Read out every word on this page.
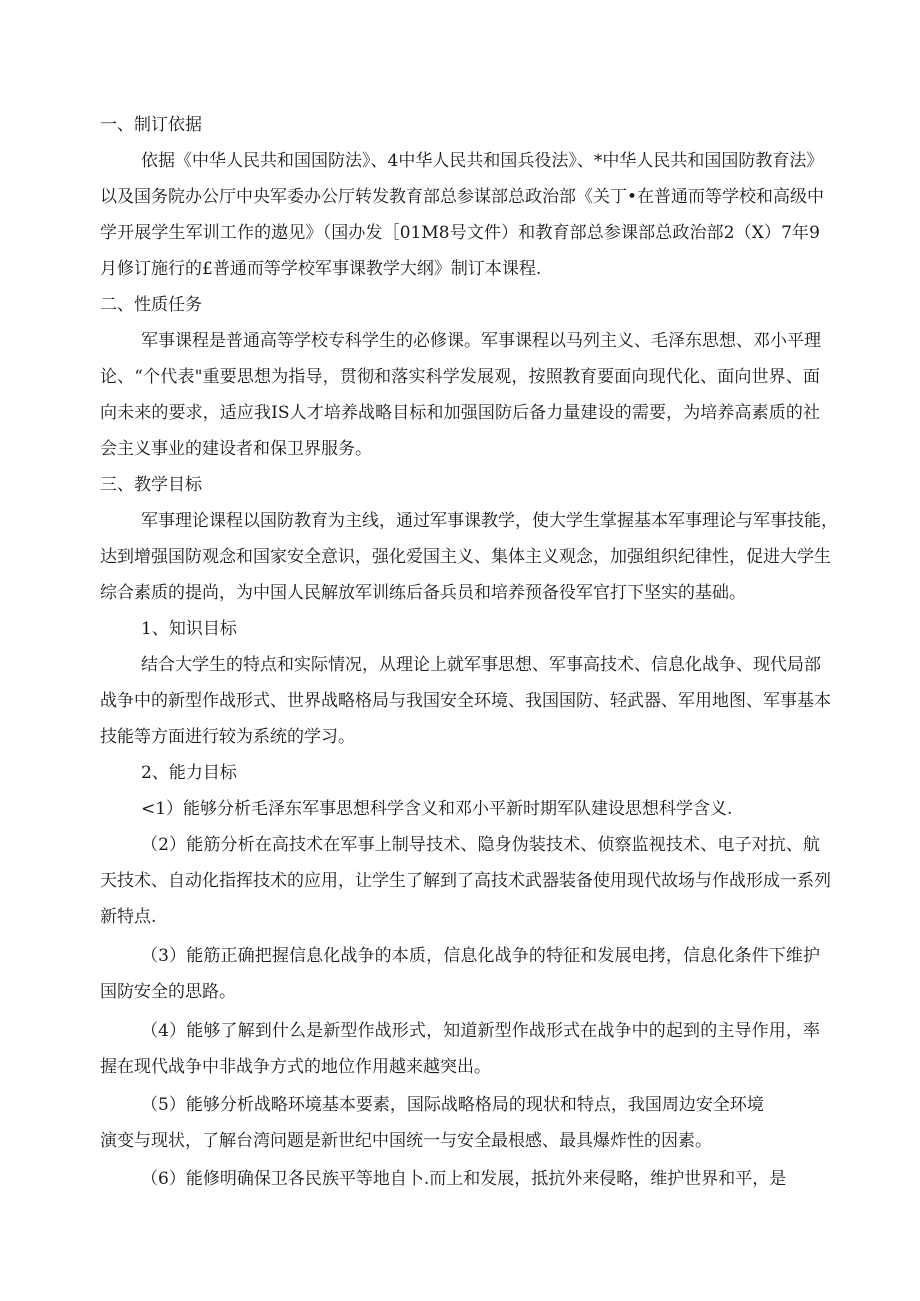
一、制订依据
依据《中华人民共和国国防法》、4中华人民共和国兵役法》、*中华人民共和国国防教育法》
以及国务院办公厅中央军委办公厅转发教育部总参谋部总政治部《关丁•在普通而等学校和高级中
学开展学生军训工作的遨见》（国办发［01M8号文件）和教育部总参课部总政治部2（X）7年9
月修订施行的£普通而等学校军事课教学大纲》制订本课程.
二、性质任务
军事课程是普通高等学校专科学生的必修课。军事课程以马列主义、毛泽东思想、邓小平理
论、“个代表"重要思想为指导，贯彻和落实科学发展观，按照教育要面向现代化、面向世界、面
向未来的要求，适应我IS人才培养战略目标和加强国防后备力量建设的需要，为培养高素质的社
会主义事业的建设者和保卫界服务。
三、教学目标
军事理论课程以国防教育为主线，通过军事课教学，使大学生掌握基本军事理论与军事技能，
达到增强国防观念和国家安全意识，强化爱国主义、集体主义观念，加强组织纪律性，促进大学生
综合素质的提尚，为中国人民解放军训练后备兵员和培养预备役军官打下坚实的基础。
1、知识目标
结合大学生的特点和实际情况，从理论上就军事思想、军事高技术、信息化战争、现代局部
战争中的新型作战形式、世界战略格局与我国安全环境、我国国防、轻武器、军用地图、军事基本
技能等方面进行较为系统的学习。
2、能力目标
<1）能够分析毛泽东军事思想科学含义和邓小平新时期军队建设思想科学含义.
（2）能筋分析在高技术在军事上制导技术、隐身伪装技术、侦察监视技术、电子对抗、航
天技术、自动化指挥技术的应用，让学生了解到了高技术武器装备使用现代故场与作战形成一系列
新特点.
（3）能筋正确把握信息化战争的本质，信息化战争的特征和发展电拷，信息化条件下维护
国防安全的思路。
（4）能够了解到什么是新型作战形式，知道新型作战形式在战争中的起到的主导作用，率
握在现代战争中非战争方式的地位作用越来越突出。
（5）能够分析战略环境基本要素，国际战略格局的现状和特点，我国周边安全环境
演变与现状，了解台湾问题是新世纪中国统一与安全最根感、最具爆炸性的因素。
（6）能修明确保卫各民族平等地自卜.而上和发展，抵抗外来侵略，维护世界和平，是
